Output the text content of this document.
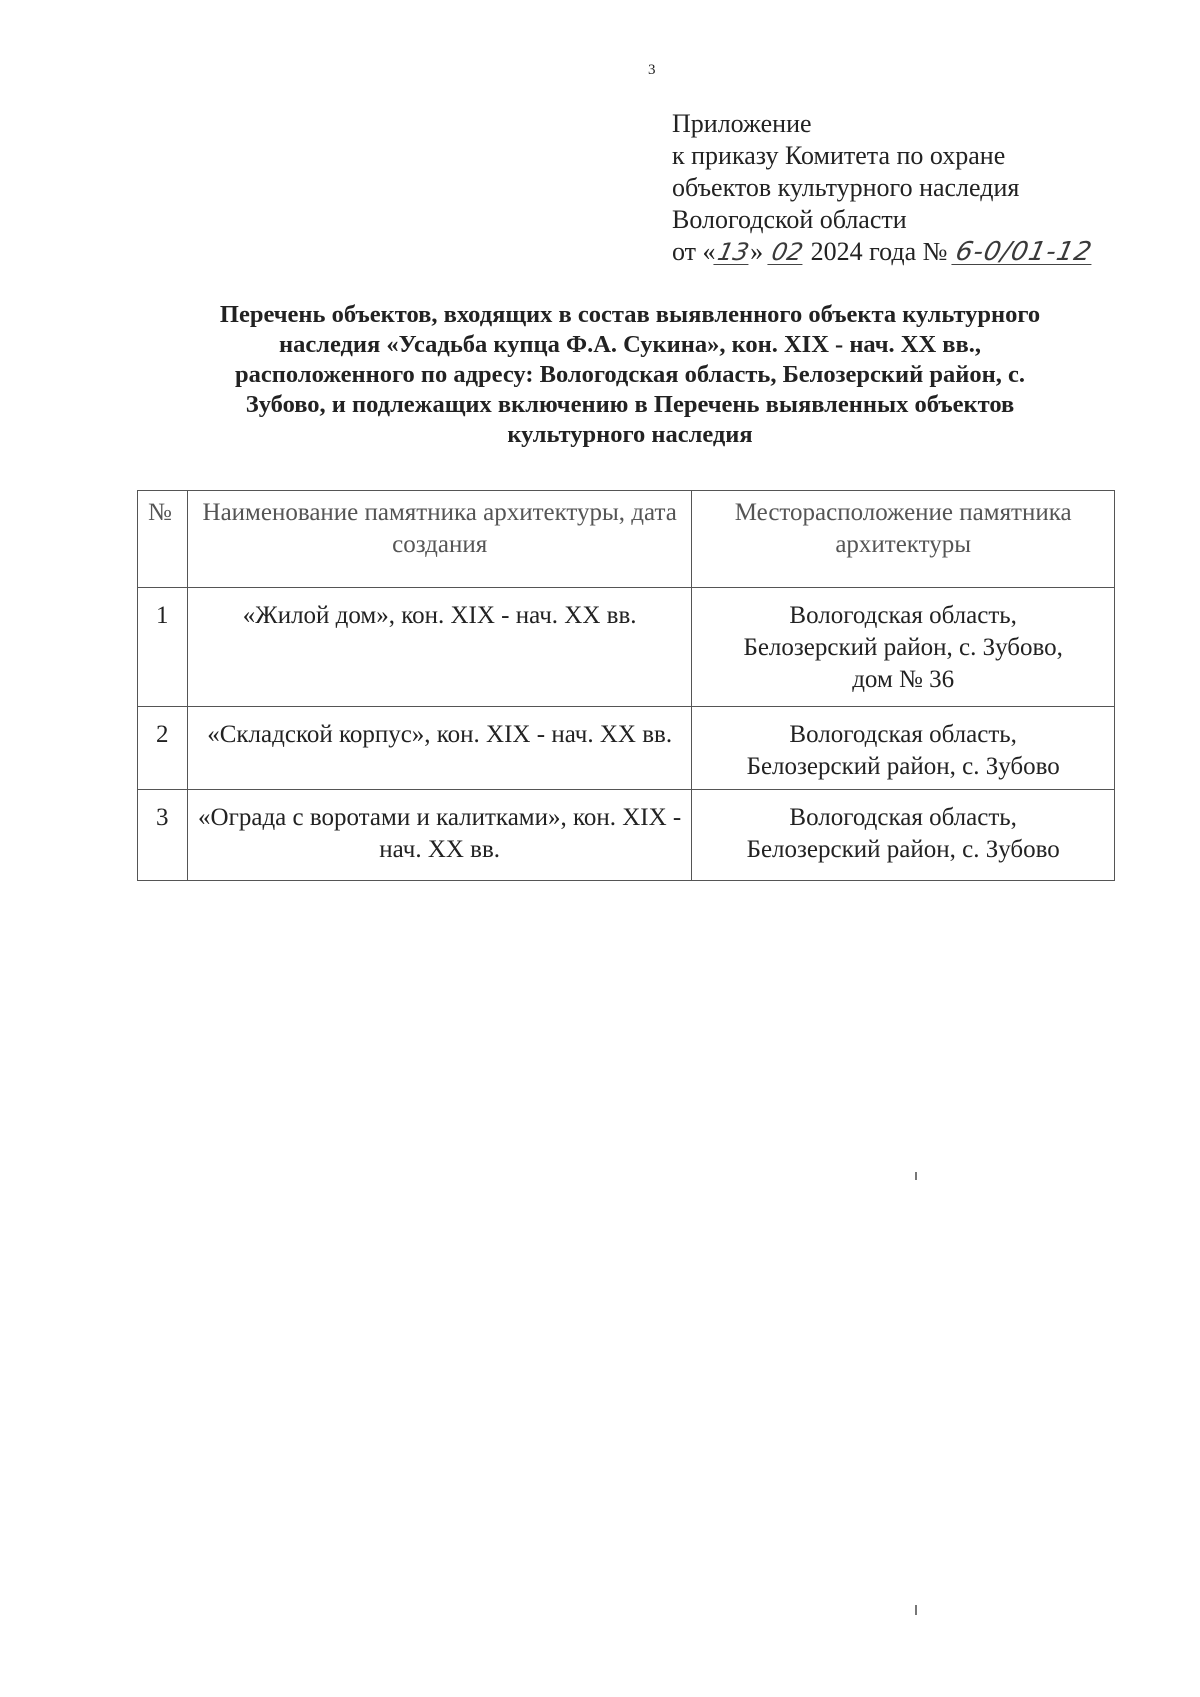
3
Приложение
к приказу Комитета по охране
объектов культурного наследия
Вологодской области
от «13» 02 2024 года № 6-0/01-12
Перечень объектов, входящих в состав выявленного объекта культурного
наследия «Усадьба купца Ф.А. Сукина», кон. XIX - нач. XX вв.,
расположенного по адресу: Вологодская область, Белозерский район, с.
Зубово, и подлежащих включению в Перечень выявленных объектов
культурного наследия
№	Наименование памятника архитектуры, дата создания	Месторасположение памятника архитектуры
1	«Жилой дом», кон. XIX - нач. XX вв.	Вологодская область,
Белозерский район, с. Зубово,
дом № 36

2	«Складской корпус», кон. XIX - нач. XX вв.	Вологодская область,
Белозерский район, с. Зубово

3	«Ограда с воротами и калитками», кон. XIX - нач. XX вв.	Вологодская область,
Белозерский район, с. Зубово
